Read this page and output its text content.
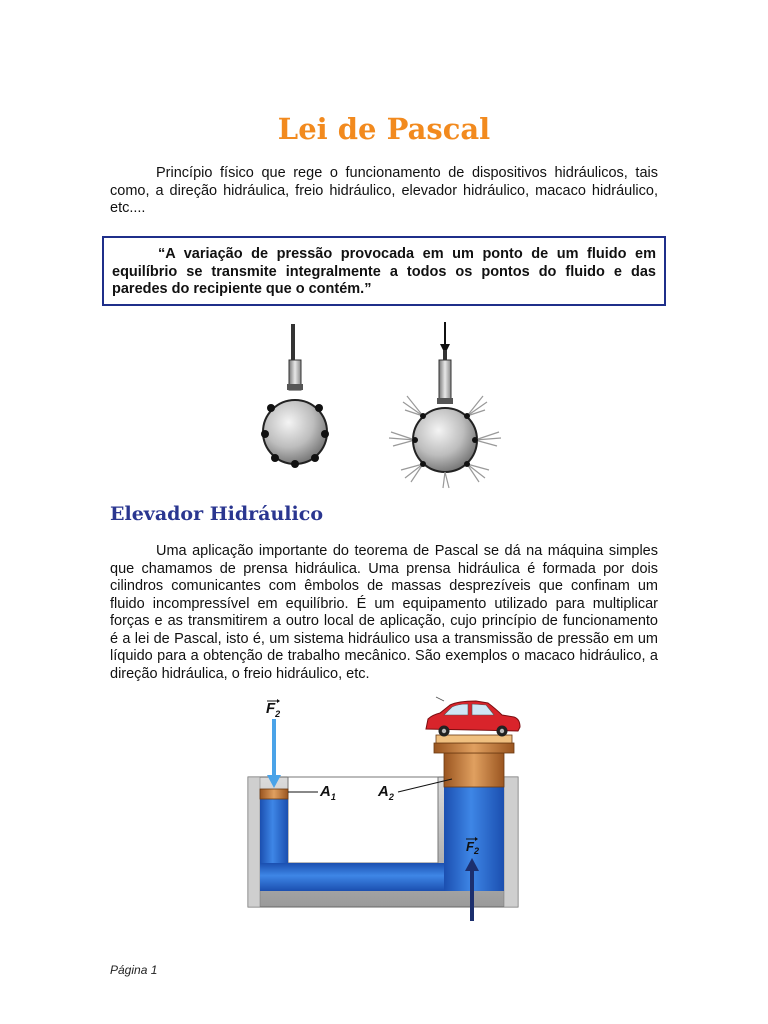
Lei de Pascal

Princípio físico que rege o funcionamento de dispositivos hidráulicos, tais como, a direção hidráulica, freio hidráulico, elevador hidráulico, macaco hidráulico, etc....

“A variação de pressão provocada em um ponto de um fluido em equilíbrio se transmite integralmente a todos os pontos do fluido e das paredes do recipiente que o contém.”

Elevador Hidráulico

Uma aplicação importante do teorema de Pascal se dá na máquina simples que chamamos de prensa hidráulica. Uma prensa hidráulica é formada por dois cilindros comunicantes com êmbolos de massas desprezíveis que confinam um fluido incompressível em equilíbrio. É um equipamento utilizado para multiplicar forças e as transmitirem a outro local de aplicação, cujo princípio de funcionamento é a lei de Pascal, isto é, um sistema hidráulico usa a transmissão de pressão em um líquido para a obtenção de trabalho mecânico. São exemplos o macaco hidráulico, a direção hidráulica, o freio hidráulico, etc.

$F_2$
$A_1$	$A_2$
$F_2$
Página 1
